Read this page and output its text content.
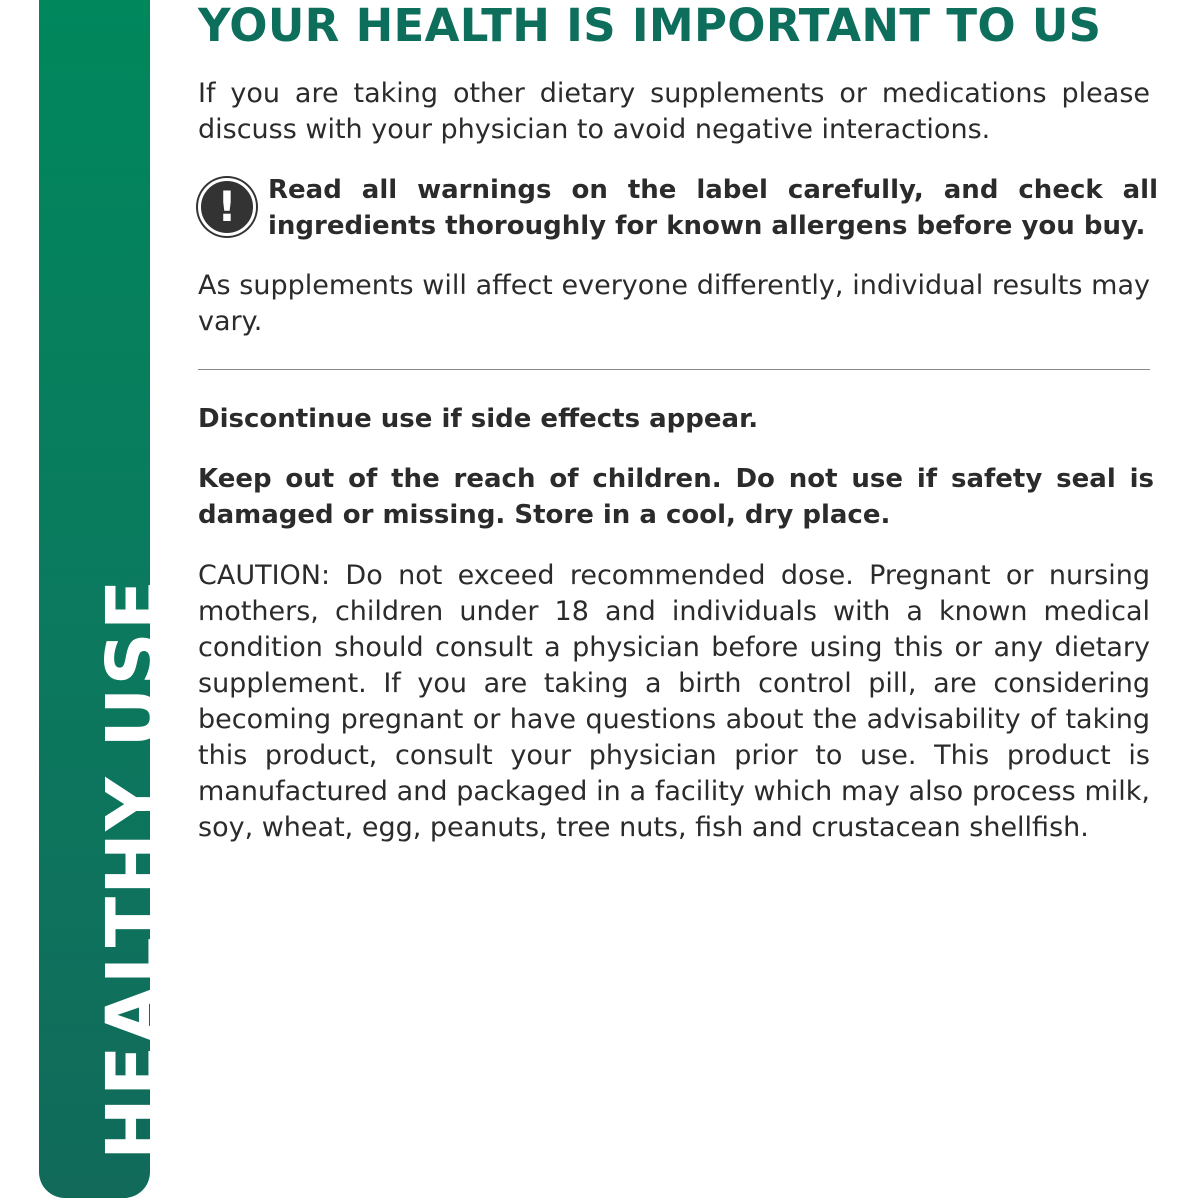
HEALTHY USE
YOUR HEALTH IS IMPORTANT TO US

If you are taking other dietary supplements or medications please discuss with your physician to avoid negative interactions.

!	Read all warnings on the label carefully, and check all ingredients thoroughly for known allergens before you buy.

As supplements will affect everyone differently, individual results may vary.

Discontinue use if side effects appear.

Keep out of the reach of children. Do not use if safety seal is damaged or missing. Store in a cool, dry place.

CAUTION: Do not exceed recommended dose. Pregnant or nursing mothers, children under 18 and individuals with a known medical condition should consult a physician before using this or any dietary supplement. If you are taking a birth control pill, are considering becoming pregnant or have questions about the advisability of taking this product, consult your physician prior to use. This product is manufactured and packaged in a facility which may also process milk, soy, wheat, egg, peanuts, tree nuts, fish and crustacean shellfish.
